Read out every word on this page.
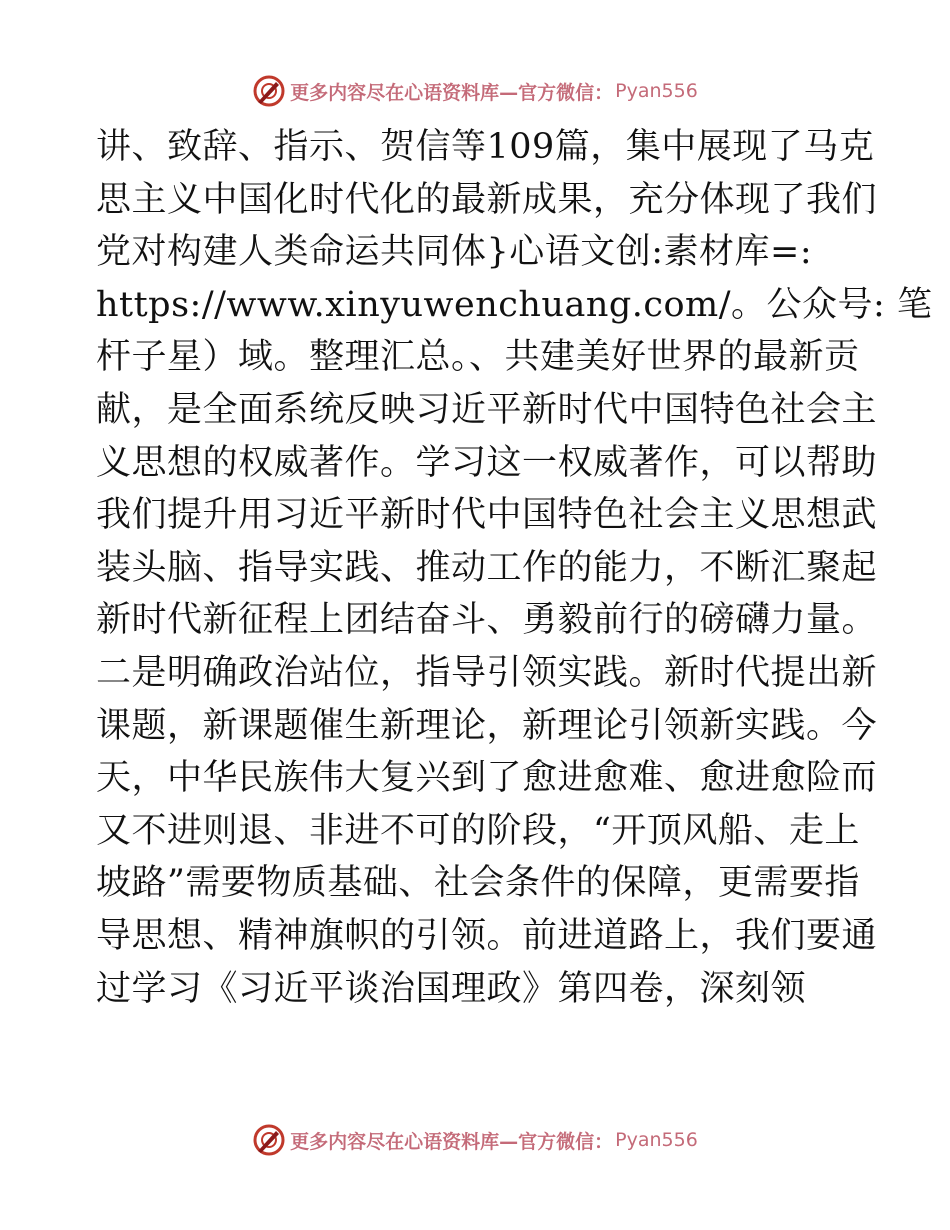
更多内容尽在心语资料库—官方微信： Pyan556
讲、致辞、指示、贺信等109篇，集中展现了马克
思主义中国化时代化的最新成果，充分体现了我们
党对构建人类命运共同体}心语文创:素材库=:
https://www.xinyuwenchuang.com/。公众号: 笔
杆子星）域。整理汇总。、共建美好世界的最新贡
献，是全面系统反映习近平新时代中国特色社会主
义思想的权威著作。学习这一权威著作，可以帮助
我们提升用习近平新时代中国特色社会主义思想武
装头脑、指导实践、推动工作的能力，不断汇聚起
新时代新征程上团结奋斗、勇毅前行的磅礴力量。
二是明确政治站位，指导引领实践。新时代提出新
课题，新课题催生新理论，新理论引领新实践。今
天，中华民族伟大复兴到了愈进愈难、愈进愈险而
又不进则退、非进不可的阶段，“开顶风船、走上
坡路”需要物质基础、社会条件的保障，更需要指
导思想、精神旗帜的引领。前进道路上，我们要通
过学习《习近平谈治国理政》第四卷，深刻领
更多内容尽在心语资料库—官方微信： Pyan556
